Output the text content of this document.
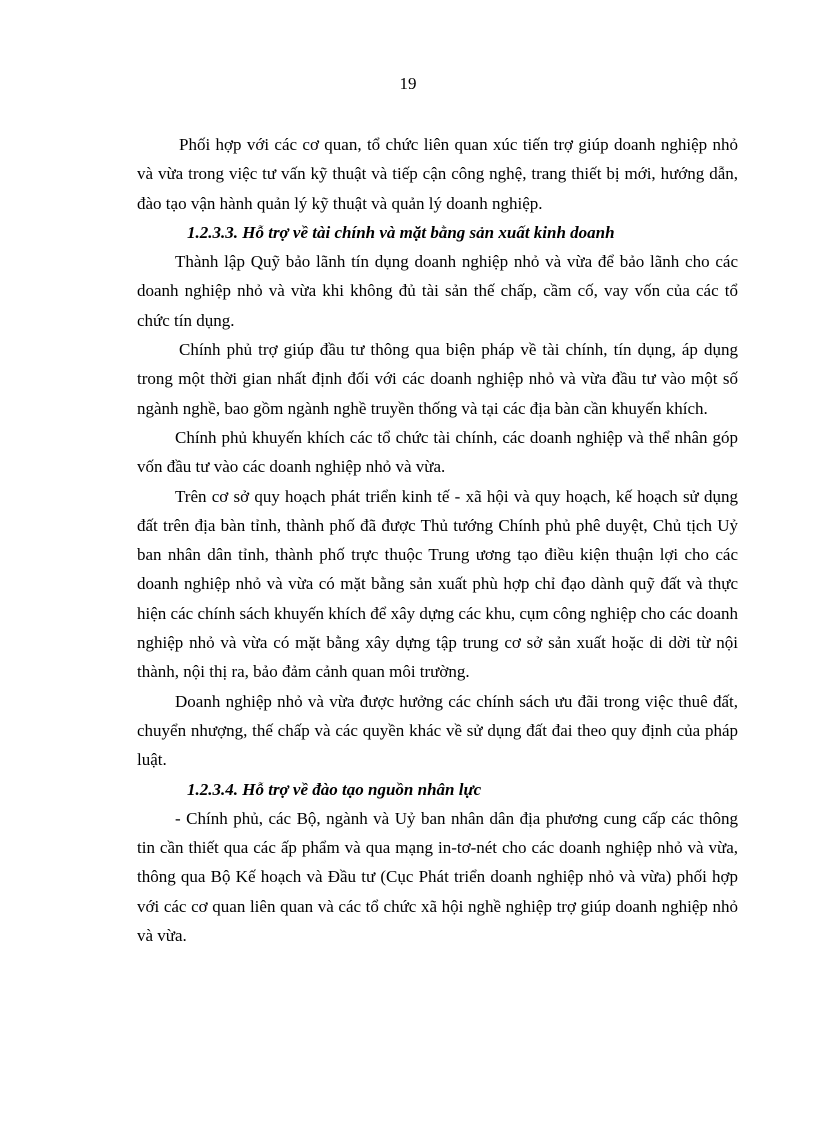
19

Phối hợp với các cơ quan, tổ chức liên quan xúc tiến trợ giúp doanh nghiệp nhỏ và vừa trong việc tư vấn kỹ thuật và tiếp cận công nghệ, trang thiết bị mới, hướng dẫn, đào tạo vận hành quản lý kỹ thuật và quản lý doanh nghiệp.

1.2.3.3. Hỗ trợ về tài chính và mặt bằng sản xuất kinh doanh

Thành lập Quỹ bảo lãnh tín dụng doanh nghiệp nhỏ và vừa để bảo lãnh cho các doanh nghiệp nhỏ và vừa khi không đủ tài sản thế chấp, cầm cố, vay vốn của các tổ chức tín dụng.

Chính phủ trợ giúp đầu tư thông qua biện pháp về tài chính, tín dụng, áp dụng trong một thời gian nhất định đối với các doanh nghiệp nhỏ và vừa đầu tư vào một số ngành nghề, bao gồm ngành nghề truyền thống và tại các địa bàn cần khuyến khích.

Chính phủ khuyến khích các tổ chức tài chính, các doanh nghiệp và thể nhân góp vốn đầu tư vào các doanh nghiệp nhỏ và vừa.

Trên cơ sở quy hoạch phát triển kinh tế - xã hội và quy hoạch, kế hoạch sử dụng đất trên địa bàn tỉnh, thành phố đã được Thủ tướng Chính phủ phê duyệt, Chủ tịch Uỷ ban nhân dân tỉnh, thành phố trực thuộc Trung ương tạo điều kiện thuận lợi cho các doanh nghiệp nhỏ và vừa có mặt bằng sản xuất phù hợp chỉ đạo dành quỹ đất và thực hiện các chính sách khuyến khích để xây dựng các khu, cụm công nghiệp cho các doanh nghiệp nhỏ và vừa có mặt bằng xây dựng tập trung cơ sở sản xuất hoặc di dời từ nội thành, nội thị ra, bảo đảm cảnh quan môi trường.

Doanh nghiệp nhỏ và vừa được hưởng các chính sách ưu đãi trong việc thuê đất, chuyển nhượng, thế chấp và các quyền khác về sử dụng đất đai theo quy định của pháp luật.

1.2.3.4. Hỗ trợ về đào tạo nguồn nhân lực

- Chính phủ, các Bộ, ngành và Uỷ ban nhân dân địa phương cung cấp các thông tin cần thiết qua các ấp phẩm và qua mạng in-tơ-nét cho các doanh nghiệp nhỏ và vừa, thông qua Bộ Kế hoạch và Đầu tư (Cục Phát triển doanh nghiệp nhỏ và vừa) phối hợp với các cơ quan liên quan và các tổ chức xã hội nghề nghiệp trợ giúp doanh nghiệp nhỏ và vừa.
